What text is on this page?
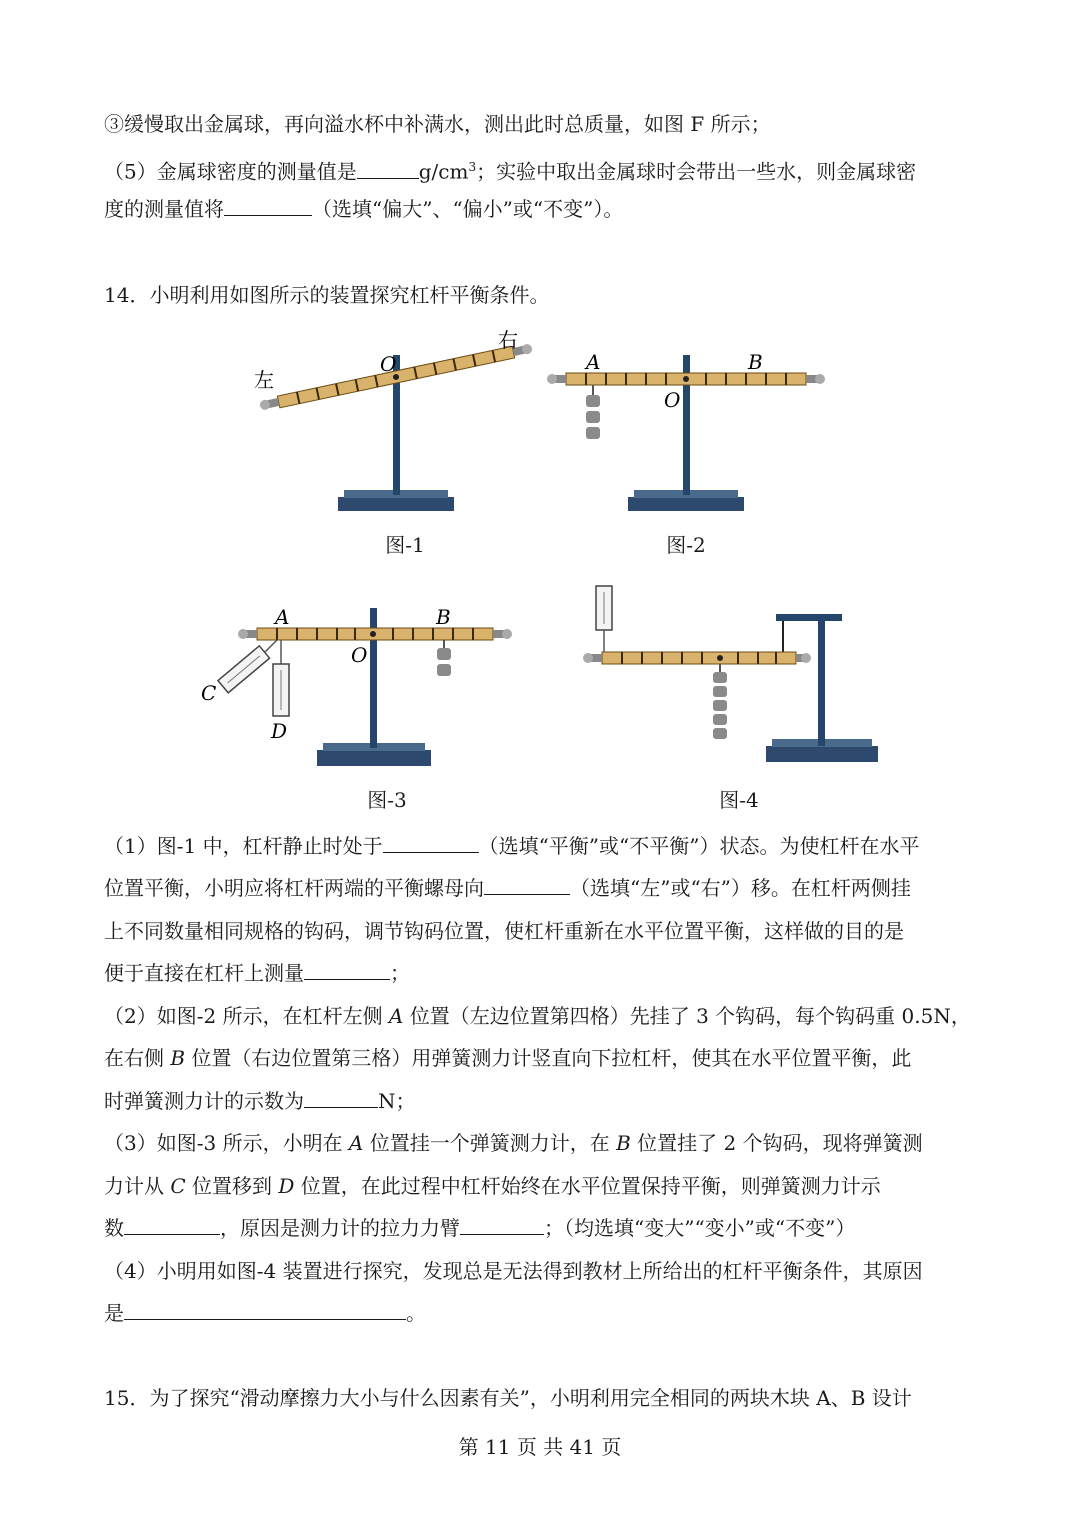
③缓慢取出金属球，再向溢水杯中补满水，测出此时总质量，如图 F 所示；
（5）金属球密度的测量值是	$g/cm^3$；实验中取出金属球时会带出一些水，则金属球密
度的测量值将	（选填“偏大”、“偏小”或“不变”）。
14．小明利用如图所示的装置探究杠杆平衡条件。
O
左
右
图-1
A	B
O
图-2
A	B
O
C
D
图-3	图-4
（1）图-1 中，杠杆静止时处于	（选填“平衡”或“不平衡”）状态。为使杠杆在水平
位置平衡，小明应将杠杆两端的平衡螺母向	（选填“左”或“右”）移。在杠杆两侧挂
上不同数量相同规格的钩码，调节钩码位置，使杠杆重新在水平位置平衡，这样做的目的是
便于直接在杠杆上测量	；
（2）如图-2 所示，在杠杆左侧 A 位置（左边位置第四格）先挂了 3 个钩码，每个钩码重 0.5N，
在右侧 B 位置（右边位置第三格）用弹簧测力计竖直向下拉杠杆，使其在水平位置平衡，此
时弹簧测力计的示数为	N；
（3）如图-3 所示，小明在 A 位置挂一个弹簧测力计，在 B 位置挂了 2 个钩码，现将弹簧测
力计从 C 位置移到 D 位置，在此过程中杠杆始终在水平位置保持平衡，则弹簧测力计示
数	，原因是测力计的拉力力臂	；（均选填“变大”“变小”或“不变”）
（4）小明用如图-4 装置进行探究，发现总是无法得到教材上所给出的杠杆平衡条件，其原因
是	。
15．为了探究“滑动摩擦力大小与什么因素有关”，小明利用完全相同的两块木块 A、B 设计
第 11 页 共 41 页
